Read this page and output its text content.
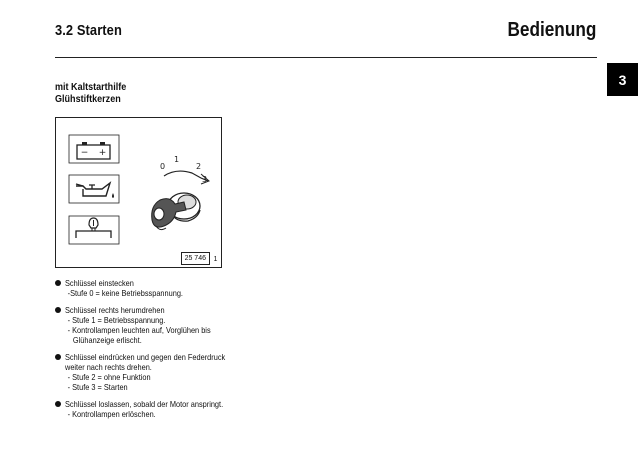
3.2 Starten	Bedienung
3
mit Kaltstarthilfe
Glühstiftkerzen
− +
0
1
2
3
25 746	1
Schlüssel einstecken
-Stufe 0 = keine Betriebsspannung.
Schlüssel rechts herumdrehen
- Stufe 1 = Betriebsspannung.
- Kontrollampen leuchten auf, Vorglühen bis
Glühanzeige erlischt.
Schlüssel eindrücken und gegen den Federdruck
weiter nach rechts drehen.
- Stufe 2 = ohne Funktion
- Stufe 3 = Starten
Schlüssel loslassen, sobald der Motor anspringt.
- Kontrollampen erlöschen.
